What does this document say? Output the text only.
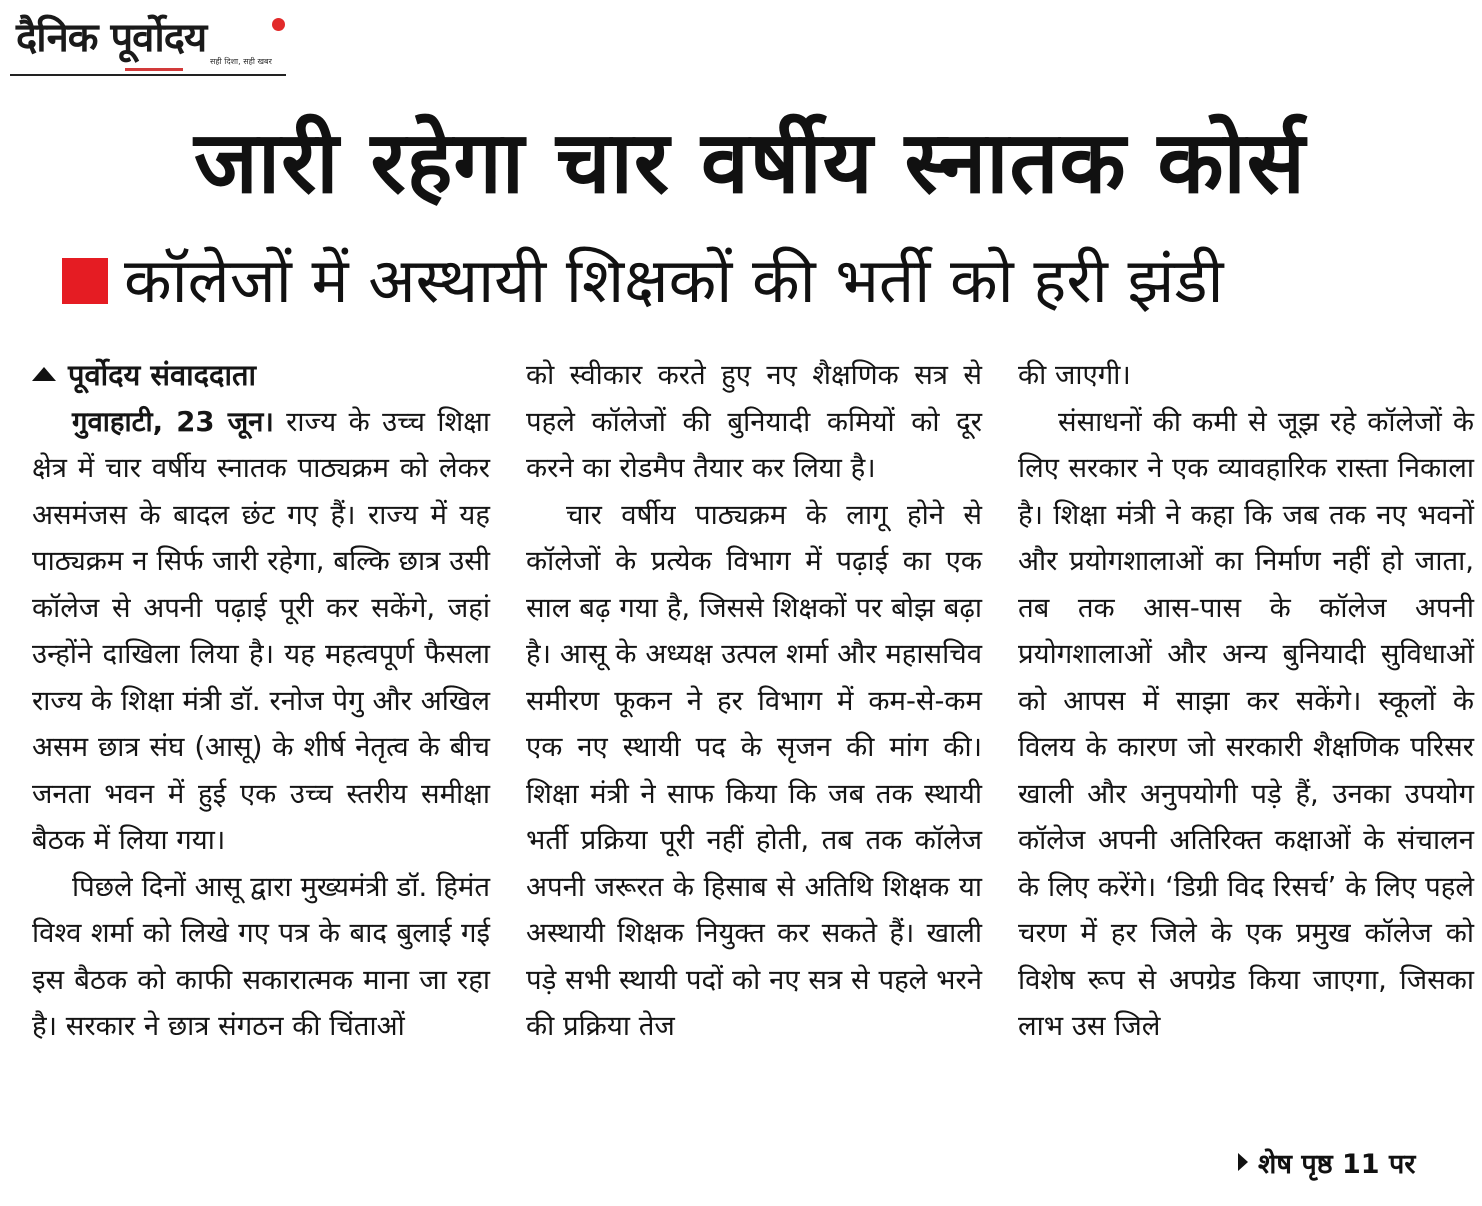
दैनिक पूर्वोदय
सही दिशा, सही खबर
जारी रहेगा चार वर्षीय स्नातक कोर्स
कॉलेजों में अस्थायी शिक्षकों की भर्ती को हरी झंडी

पूर्वोदय संवाददाता

गुवाहाटी, 23 जून। राज्य के उच्च शिक्षा क्षेत्र में चार वर्षीय स्नातक पाठ्यक्रम को लेकर असमंजस के बादल छंट गए हैं। राज्य में यह पाठ्यक्रम न सिर्फ जारी रहेगा, बल्कि छात्र उसी कॉलेज से अपनी पढ़ाई पूरी कर सकेंगे, जहां उन्होंने दाखिला लिया है। यह महत्वपूर्ण फैसला राज्य के शिक्षा मंत्री डॉ. रनोज पेगु और अखिल असम छात्र संघ (आसू) के शीर्ष नेतृत्व के बीच जनता भवन में हुई एक उच्च स्तरीय समीक्षा बैठक में लिया गया।

पिछले दिनों आसू द्वारा मुख्यमंत्री डॉ. हिमंत विश्व शर्मा को लिखे गए पत्र के बाद बुलाई गई इस बैठक को काफी सकारात्मक माना जा रहा है। सरकार ने छात्र संगठन की चिंताओं

को स्वीकार करते हुए नए शैक्षणिक सत्र से पहले कॉलेजों की बुनियादी कमियों को दूर करने का रोडमैप तैयार कर लिया है।

चार वर्षीय पाठ्यक्रम के लागू होने से कॉलेजों के प्रत्येक विभाग में पढ़ाई का एक साल बढ़ गया है, जिससे शिक्षकों पर बोझ बढ़ा है। आसू के अध्यक्ष उत्पल शर्मा और महासचिव समीरण फूकन ने हर विभाग में कम-से-कम एक नए स्थायी पद के सृजन की मांग की। शिक्षा मंत्री ने साफ किया कि जब तक स्थायी भर्ती प्रक्रिया पूरी नहीं होती, तब तक कॉलेज अपनी जरूरत के हिसाब से अतिथि शिक्षक या अस्थायी शिक्षक नियुक्त कर सकते हैं। खाली पड़े सभी स्थायी पदों को नए सत्र से पहले भरने की प्रक्रिया तेज

की जाएगी।

संसाधनों की कमी से जूझ रहे कॉलेजों के लिए सरकार ने एक व्यावहारिक रास्ता निकाला है। शिक्षा मंत्री ने कहा कि जब तक नए भवनों और प्रयोगशालाओं का निर्माण नहीं हो जाता, तब तक आस-पास के कॉलेज अपनी प्रयोगशालाओं और अन्य बुनियादी सुविधाओं को आपस में साझा कर सकेंगे। स्कूलों के विलय के कारण जो सरकारी शैक्षणिक परिसर खाली और अनुपयोगी पड़े हैं, उनका उपयोग कॉलेज अपनी अतिरिक्त कक्षाओं के संचालन के लिए करेंगे। ‘डिग्री विद रिसर्च’ के लिए पहले चरण में हर जिले के एक प्रमुख कॉलेज को विशेष रूप से अपग्रेड किया जाएगा, जिसका लाभ उस जिले

शेष पृष्ठ 11 पर
